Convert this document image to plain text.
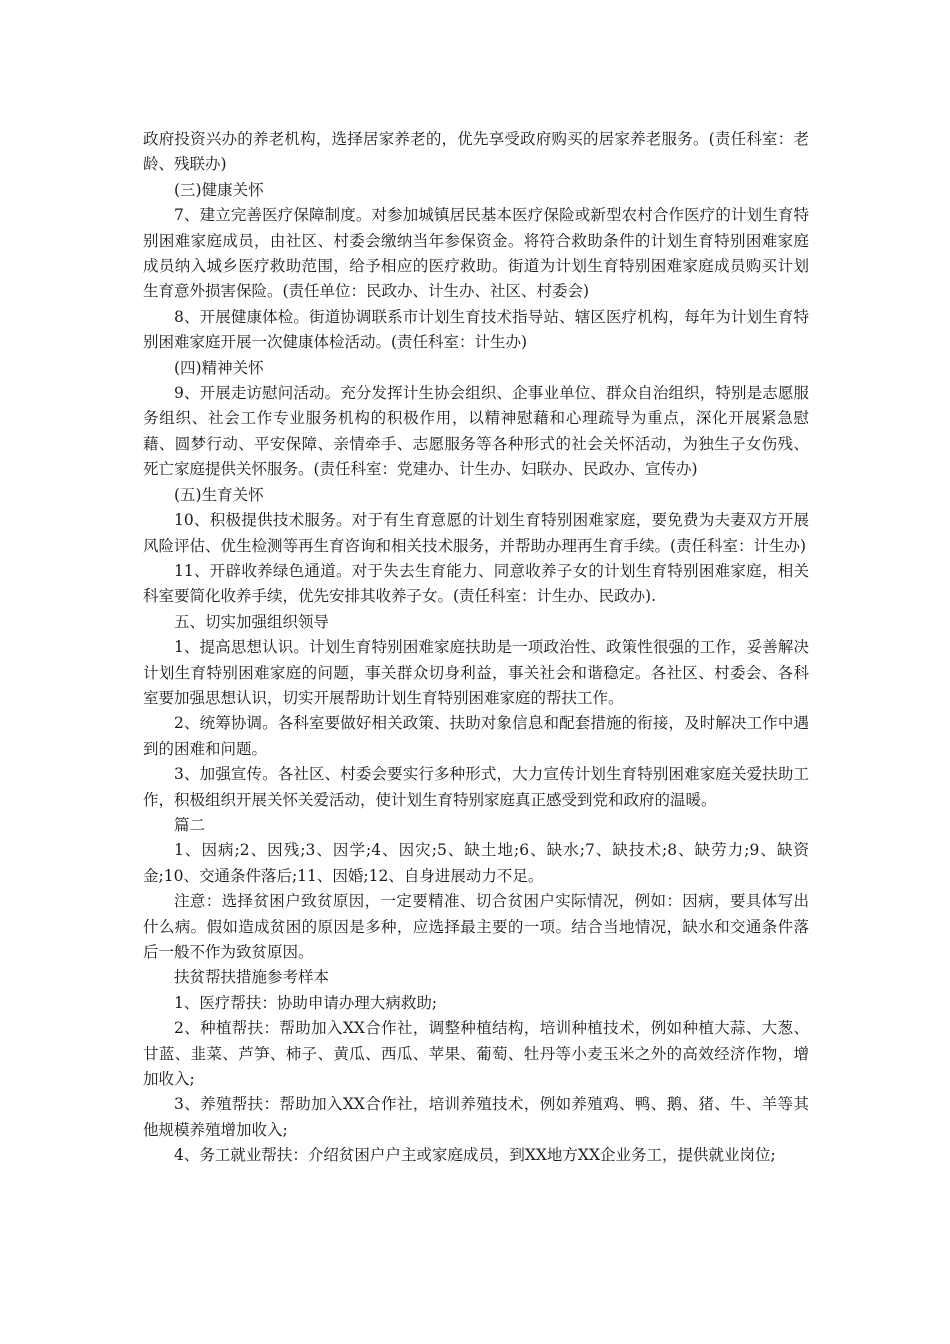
政府投资兴办的养老机构，选择居家养老的，优先享受政府购买的居家养老服务。(责任科室：老龄、残联办)

(三)健康关怀

7、建立完善医疗保障制度。对参加城镇居民基本医疗保险或新型农村合作医疗的计划生育特别困难家庭成员，由社区、村委会缴纳当年参保资金。将符合救助条件的计划生育特别困难家庭成员纳入城乡医疗救助范围，给予相应的医疗救助。街道为计划生育特别困难家庭成员购买计划生育意外损害保险。(责任单位：民政办、计生办、社区、村委会)

8、开展健康体检。街道协调联系市计划生育技术指导站、辖区医疗机构，每年为计划生育特别困难家庭开展一次健康体检活动。(责任科室：计生办)

(四)精神关怀

9、开展走访慰问活动。充分发挥计生协会组织、企事业单位、群众自治组织，特别是志愿服务组织、社会工作专业服务机构的积极作用，以精神慰藉和心理疏导为重点，深化开展紧急慰藉、圆梦行动、平安保障、亲情牵手、志愿服务等各种形式的社会关怀活动，为独生子女伤残、死亡家庭提供关怀服务。(责任科室：党建办、计生办、妇联办、民政办、宣传办)

(五)生育关怀

10、积极提供技术服务。对于有生育意愿的计划生育特别困难家庭，要免费为夫妻双方开展风险评估、优生检测等再生育咨询和相关技术服务，并帮助办理再生育手续。(责任科室：计生办)

11、开辟收养绿色通道。对于失去生育能力、同意收养子女的计划生育特别困难家庭，相关科室要简化收养手续，优先安排其收养子女。(责任科室：计生办、民政办).

五、切实加强组织领导

1、提高思想认识。计划生育特别困难家庭扶助是一项政治性、政策性很强的工作，妥善解决计划生育特别困难家庭的问题，事关群众切身利益，事关社会和谐稳定。各社区、村委会、各科室要加强思想认识，切实开展帮助计划生育特别困难家庭的帮扶工作。

2、统筹协调。各科室要做好相关政策、扶助对象信息和配套措施的衔接，及时解决工作中遇到的困难和问题。

3、加强宣传。各社区、村委会要实行多种形式，大力宣传计划生育特别困难家庭关爱扶助工作，积极组织开展关怀关爱活动，使计划生育特别家庭真正感受到党和政府的温暖。

篇二

1、因病;2、因残;3、因学;4、因灾;5、缺土地;6、缺水;7、缺技术;8、缺劳力;9、缺资金;10、交通条件落后;11、因婚;12、自身进展动力不足。

注意：选择贫困户致贫原因，一定要精准、切合贫困户实际情况，例如：因病，要具体写出什么病。假如造成贫困的原因是多种，应选择最主要的一项。结合当地情况，缺水和交通条件落后一般不作为致贫原因。

扶贫帮扶措施参考样本

1、医疗帮扶：协助申请办理大病救助;

2、种植帮扶：帮助加入XX合作社，调整种植结构，培训种植技术，例如种植大蒜、大葱、甘蓝、韭菜、芦笋、柿子、黄瓜、西瓜、苹果、葡萄、牡丹等小麦玉米之外的高效经济作物，增加收入;

3、养殖帮扶：帮助加入XX合作社，培训养殖技术，例如养殖鸡、鸭、鹅、猪、牛、羊等其他规模养殖增加收入;

4、务工就业帮扶：介绍贫困户户主或家庭成员，到XX地方XX企业务工，提供就业岗位;
